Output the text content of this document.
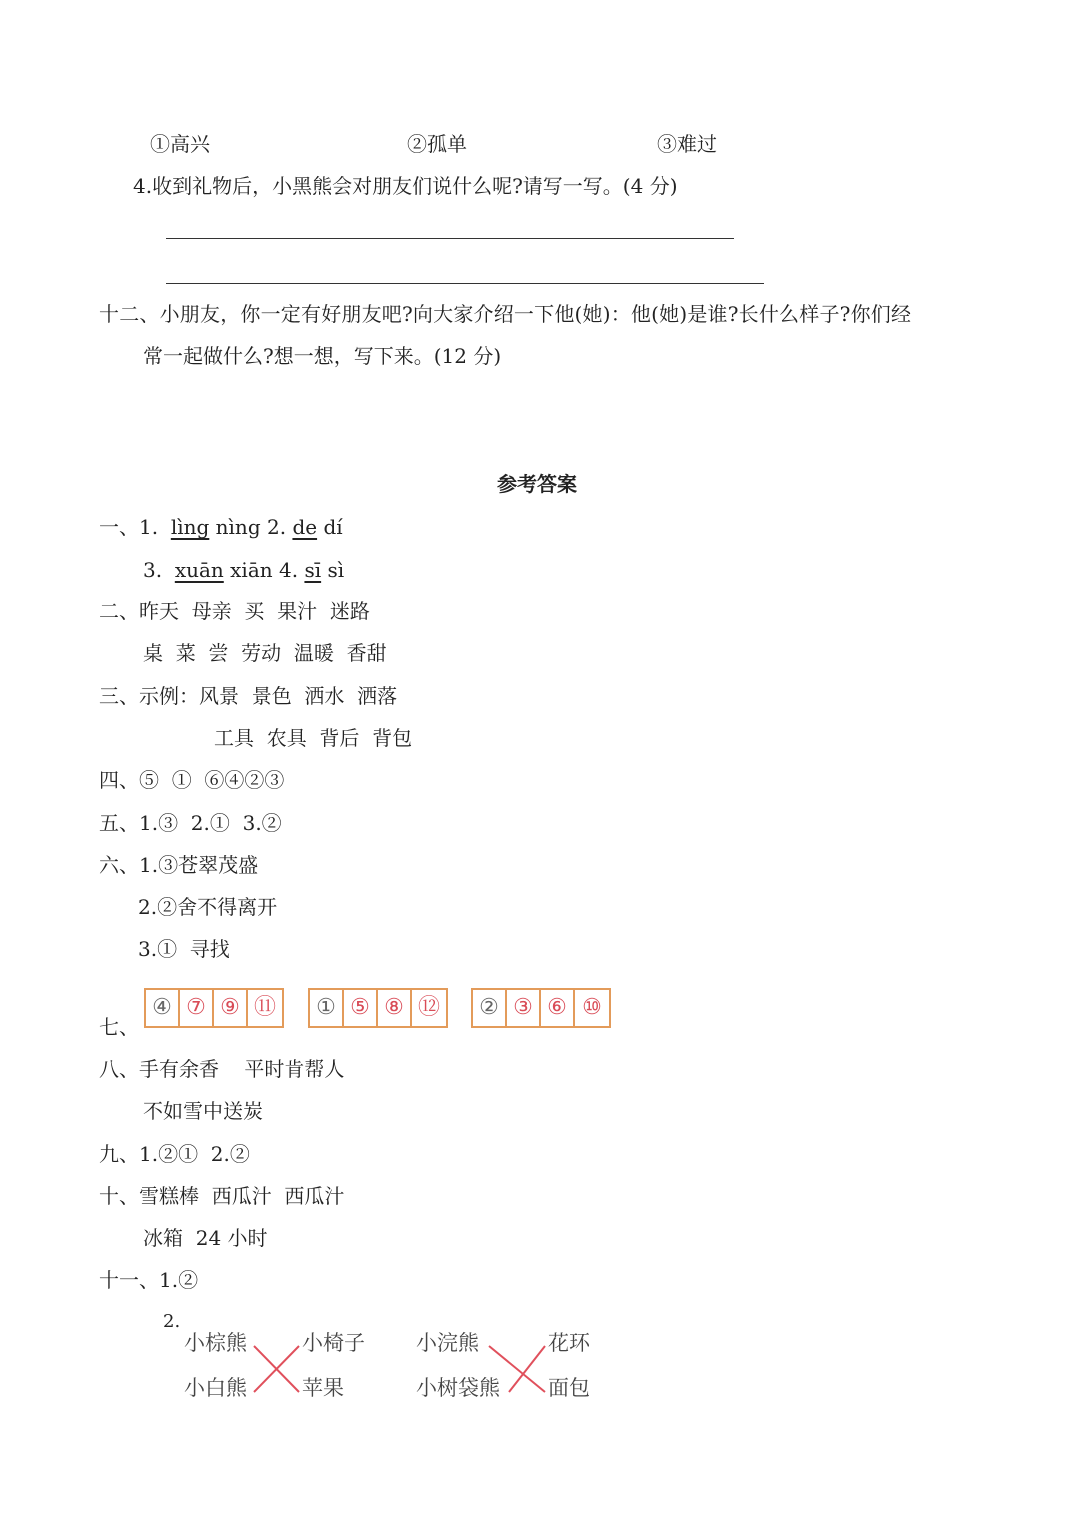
①高兴	②孤单	③难过
4.收到礼物后，小黑熊会对朋友们说什么呢?请写一写。(4 分)
十二、小朋友，你一定有好朋友吧?向大家介绍一下他(她)：他(她)是谁?长什么样子?你们经
常一起做什么?想一想，写下来。(12 分)
参考答案
一、1. lìng nìng 2. de dí
3. xuān xiān 4. sī sì
二、昨天  母亲  买  果汁  迷路
桌  菜  尝  劳动  温暖  香甜
三、示例：风景  景色  洒水  洒落
工具  农具  背后  背包
四、⑤  ①  ⑥④②③
五、1.③  2.①  3.②
六、1.③苍翠茂盛
2.②舍不得离开
3.①  寻找
七、
④ ⑦ ⑨ ⑪ ① ⑤ ⑧ ⑫ ② ③ ⑥ ⑩
八、手有余香    平时肯帮人
不如雪中送炭
九、1.②①  2.②
十、雪糕棒  西瓜汁  西瓜汁
冰箱  24 小时
十一、1.②
2.
小棕熊
小白熊
小椅子
苹果
小浣熊
小树袋熊
花环
面包
